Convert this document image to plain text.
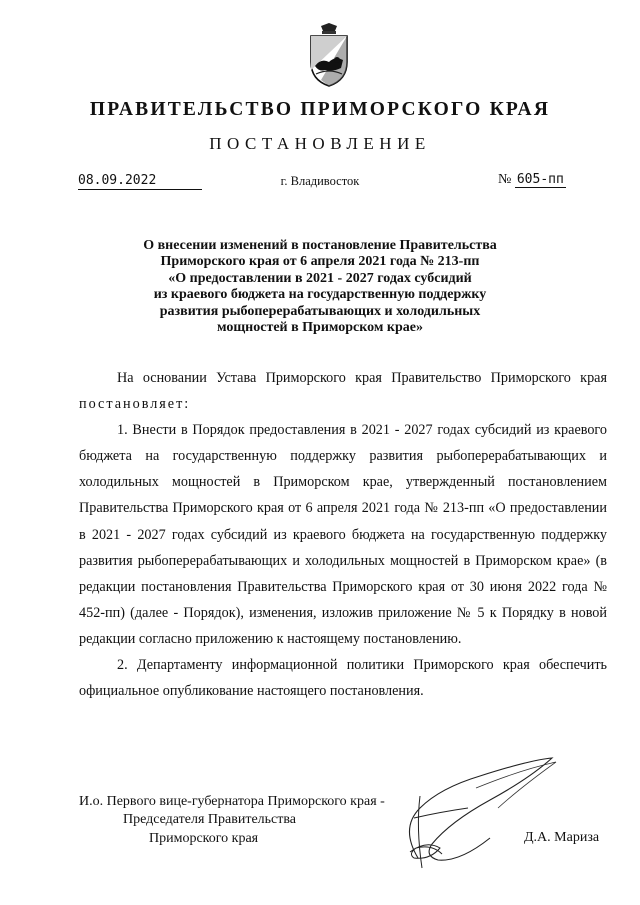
ПРАВИТЕЛЬСТВО ПРИМОРСКОГО КРАЯ
ПОСТАНОВЛЕНИЕ
08.09.2022	г. Владивосток	№ 605-пп
О внесении изменений в постановление Правительства
Приморского края от 6 апреля 2021 года № 213-пп
«О предоставлении в 2021 - 2027 годах субсидий
из краевого бюджета на государственную поддержку
развития рыбоперерабатывающих и холодильных
мощностей в Приморском крае»

На основании Устава Приморского края Правительство Приморского края постановляет:

1. Внести в Порядок предоставления в 2021 - 2027 годах субсидий из краевого бюджета на государственную поддержку развития рыбоперерабатывающих и холодильных мощностей в Приморском крае, утвержденный постановлением Правительства Приморского края от 6 апреля 2021 года № 213-пп «О предоставлении в 2021 - 2027 годах субсидий из краевого бюджета на государственную поддержку развития рыбоперерабатывающих и холодильных мощностей в Приморском крае» (в редакции постановления Правительства Приморского края от 30 июня 2022 года № 452-пп) (далее - Порядок), изменения, изложив приложение № 5 к Порядку в новой редакции согласно приложению к настоящему постановлению.

2. Департаменту информационной политики Приморского края обеспечить официальное опубликование настоящего постановления.

И.о. Первого вице-губернатора Приморского края -
Председателя Правительства
Приморского края	Д.А. Мариза
